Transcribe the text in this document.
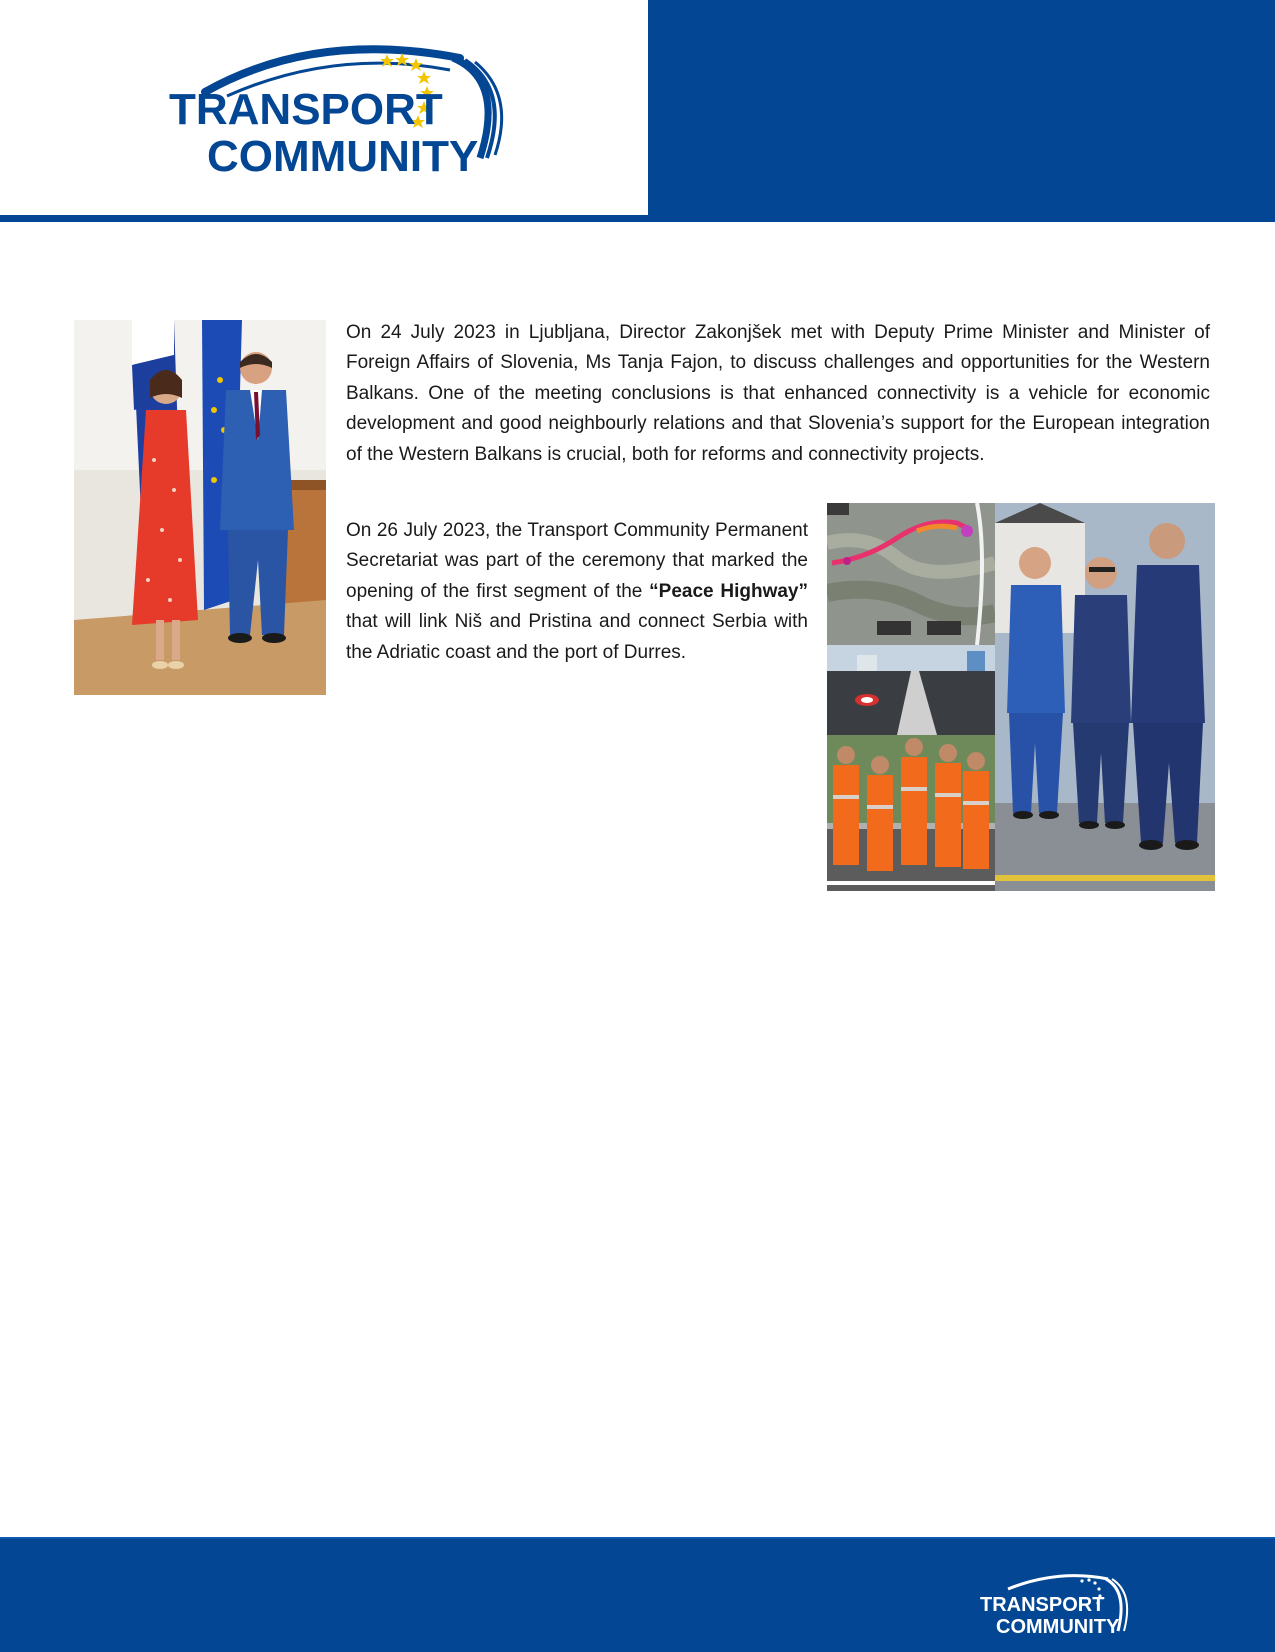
TRANSPORT
COMMUNITY

On 24 July 2023 in Ljubljana, Director Zakonjšek met with Deputy Prime Minister and Minister of Foreign Affairs of Slovenia, Ms Tanja Fajon, to discuss challenges and opportunities for the Western Balkans. One of the meeting conclusions is that enhanced connectivity is a vehicle for economic development and good neighbourly relations and that Slovenia’s support for the European integration of the Western Balkans is crucial, both for reforms and connectivity projects.

On 26 July 2023, the Transport Community Permanent Secretariat was part of the ceremony that marked the opening of the first segment of the “Peace Highway” that will link Niš and Pristina and connect Serbia with the Adriatic coast and the port of Durres.

TRANSPORT
COMMUNITY
